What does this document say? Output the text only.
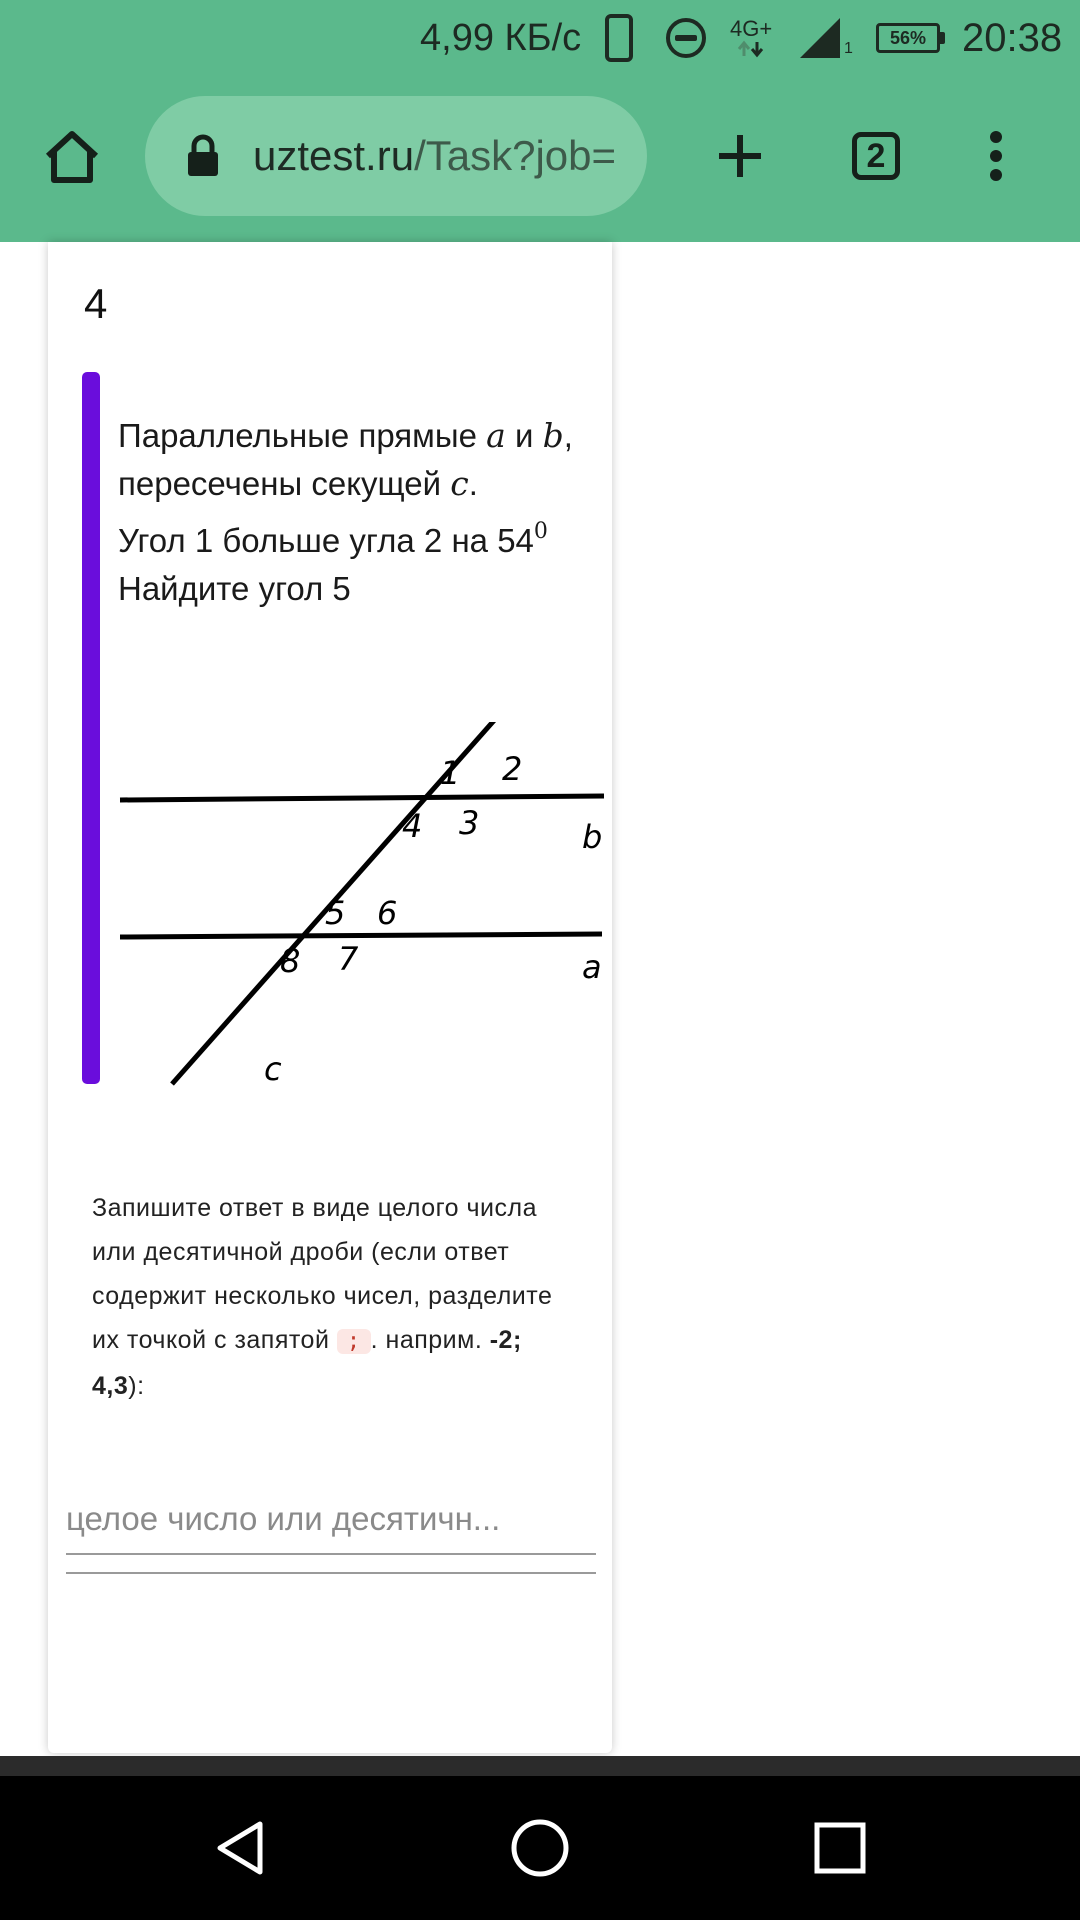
4,99 КБ/с	4G+
1
56% 20:38
uztest.ru/Task?job=	2
4
Параллельные прямые a и b,
пересечены секущей c.
Угол 1 больше угла 2 на $54^0$
Найдите угол 5
1 2
3
4
5 6
7
8
b
a
c
Запишите ответ в виде целого числа или десятичной дроби (если ответ содержит несколько чисел, разделите их точкой с запятой ; . наприм. -2; 4,3):
целое число или десятичн...
